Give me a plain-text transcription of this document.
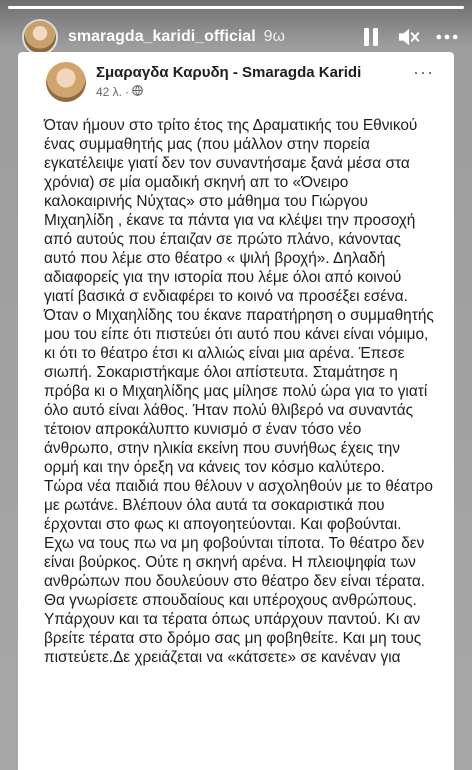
smaragda_karidi_official 9ω
Σμαραγδα Καρυδη - Smaragda Karidi
42 λ. ·
···

Όταν ήμουν στο τρίτο έτος της Δραματικής του Εθνικού ένας συμμαθητής μας (που μάλλον στην πορεία εγκατέλειψε γιατί δεν τον συναντήσαμε ξανά μέσα στα χρόνια) σε μία ομαδική σκηνή απ το «Όνειρο καλοκαιρινής Νύχτας» στο μάθημα του Γιώργου Μιχαηλίδη , έκανε τα πάντα για να κλέψει την προσοχή από αυτούς που έπαιζαν σε πρώτο πλάνο, κάνοντας αυτό που λέμε στο θέατρο « ψιλή βροχή». Δηλαδή αδιαφορείς για την ιστορία που λέμε όλοι από κοινού γιατί βασικά σ ενδιαφέρει το κοινό να προσέξει εσένα.

Όταν ο Μιχαηλίδης του έκανε παρατήρηση ο συμμαθητής μου του είπε ότι πιστεύει ότι αυτό που κάνει είναι νόμιμο, κι ότι το θέατρο έτσι κι αλλιώς είναι μια αρένα. Έπεσε σιωπή. Σοκαριστήκαμε όλοι απίστευτα. Σταμάτησε η πρόβα κι ο Μιχαηλίδης μας μίλησε πολύ ώρα για το γιατί όλο αυτό είναι λάθος. Ήταν πολύ θλιβερό να συναντάς τέτοιον απροκάλυπτο κυνισμό σ έναν τόσο νέο άνθρωπο, στην ηλικία εκείνη που συνήθως έχεις την ορμή και την όρεξη να κάνεις τον κόσμο καλύτερο.

Τώρα νέα παιδιά που θέλουν ν ασχοληθούν με το θέατρο με ρωτάνε. Βλέπουν όλα αυτά τα σοκαριστικά που έρχονται στο φως κι απογοητεύονται. Και φοβούνται. Εχω να τους πω να μη φοβούνται τίποτα. Το θέατρο δεν είναι βούρκος. Ούτε η σκηνή αρένα. Η πλειοψηφία των ανθρώπων που δουλεύουν στο θέατρο δεν είναι τέρατα. Θα γνωρίσετε σπουδαίους και υπέροχους ανθρώπους. Υπάρχουν και τα τέρατα όπως υπάρχουν παντού. Κι αν βρείτε τέρατα στο δρόμο σας μη φοβηθείτε. Και μη τους πιστεύετε.Δε χρειάζεται να «κάτσετε» σε κανέναν για
